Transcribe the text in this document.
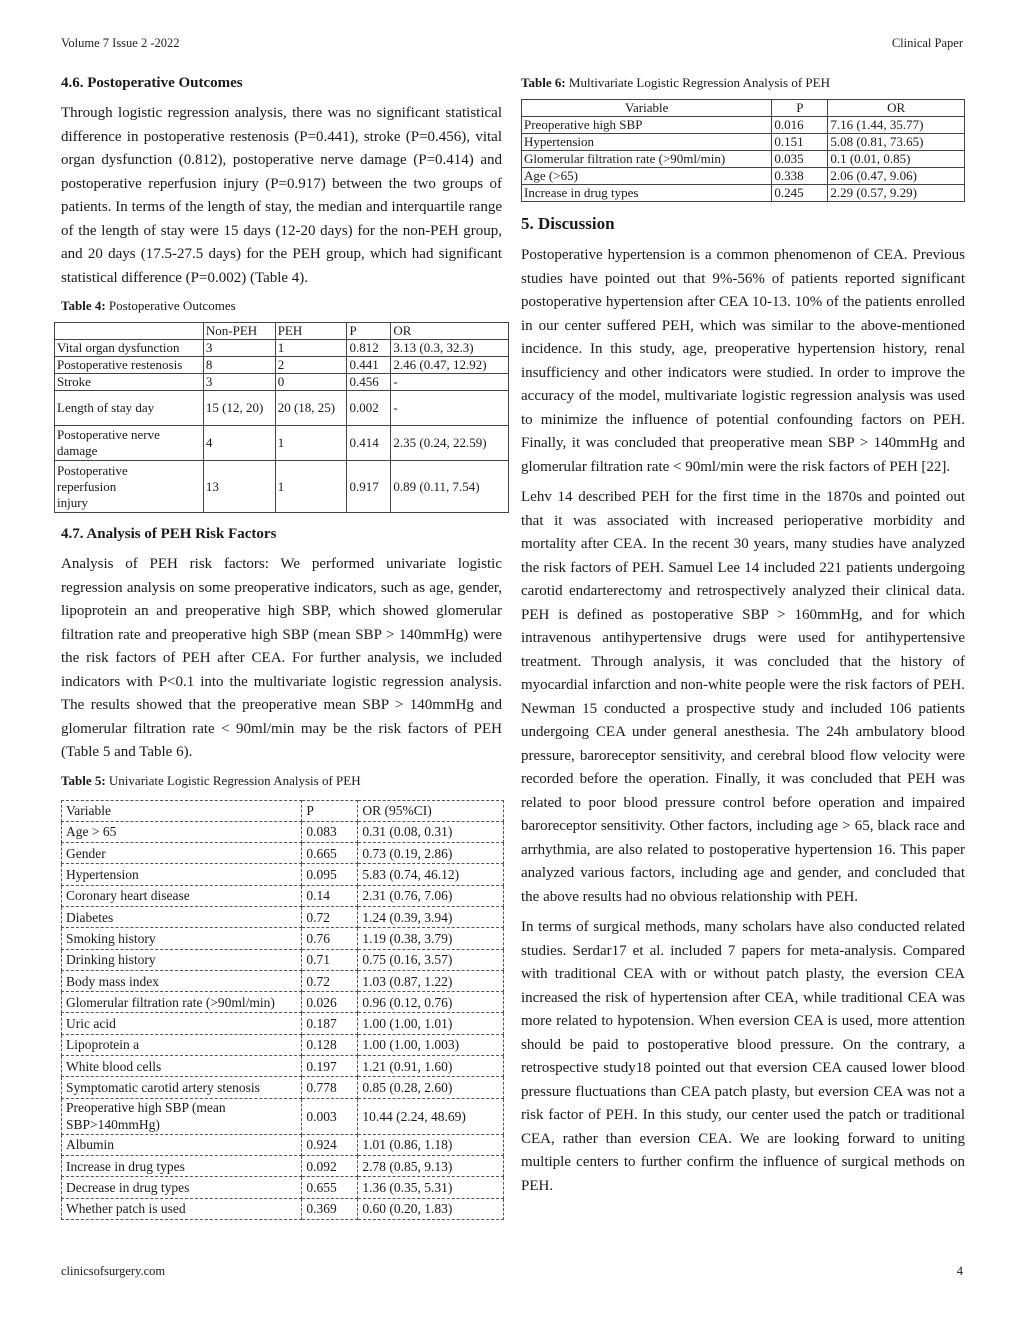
Volume 7 Issue 2 -2022	Clinical Paper
4.6. Postoperative Outcomes

Through logistic regression analysis, there was no significant statistical difference in postoperative restenosis (P=0.441), stroke (P=0.456), vital organ dysfunction (0.812), postoperative nerve damage (P=0.414) and postoperative reperfusion injury (P=0.917) between the two groups of patients. In terms of the length of stay, the median and interquartile range of the length of stay were 15 days (12-20 days) for the non-PEH group, and 20 days (17.5-27.5 days) for the PEH group, which had significant statistical difference (P=0.002) (Table 4).

Table 4: Postoperative Outcomes
	Non-PEH	PEH	P	OR
Vital organ dysfunction	3	1	0.812	3.13 (0.3, 32.3)
Postoperative restenosis	8	2	0.441	2.46 (0.47, 12.92)
Stroke	3	0	0.456	-
Length of stay day	15 (12, 20)	20 (18, 25)	0.002	-
Postoperative nerve damage	4	1	0.414	2.35 (0.24, 22.59)
Postoperative reperfusion injury	13	1	0.917	0.89 (0.11, 7.54)
4.7. Analysis of PEH Risk Factors

Analysis of PEH risk factors: We performed univariate logistic regression analysis on some preoperative indicators, such as age, gender, lipoprotein an and preoperative high SBP, which showed glomerular filtration rate and preoperative high SBP (mean SBP > 140mmHg) were the risk factors of PEH after CEA. For further analysis, we included indicators with P<0.1 into the multivariate logistic regression analysis. The results showed that the preoperative mean SBP > 140mmHg and glomerular filtration rate < 90ml/min may be the risk factors of PEH (Table 5 and Table 6).

Table 5: Univariate Logistic Regression Analysis of PEH
Variable	P	OR (95%CI)
Age > 65	0.083	0.31 (0.08, 0.31)
Gender	0.665	0.73 (0.19, 2.86)
Hypertension	0.095	5.83 (0.74, 46.12)
Coronary heart disease	0.14	2.31 (0.76, 7.06)
Diabetes	0.72	1.24 (0.39, 3.94)
Smoking history	0.76	1.19 (0.38, 3.79)
Drinking history	0.71	0.75 (0.16, 3.57)
Body mass index	0.72	1.03 (0.87, 1.22)
Glomerular filtration rate (>90ml/min)	0.026	0.96 (0.12, 0.76)
Uric acid	0.187	1.00 (1.00, 1.01)
Lipoprotein a	0.128	1.00 (1.00, 1.003)
White blood cells	0.197	1.21 (0.91, 1.60)
Symptomatic carotid artery stenosis	0.778	0.85 (0.28, 2.60)
Preoperative high SBP (mean SBP>140mmHg)	0.003	10.44 (2.24, 48.69)
Albumin	0.924	1.01 (0.86, 1.18)
Increase in drug types	0.092	2.78 (0.85, 9.13)
Decrease in drug types	0.655	1.36 (0.35, 5.31)
Whether patch is used	0.369	0.60 (0.20, 1.83)
Table 6: Multivariate Logistic Regression Analysis of PEH
Variable	P	OR
Preoperative high SBP	0.016	7.16 (1.44, 35.77)
Hypertension	0.151	5.08 (0.81, 73.65)
Glomerular filtration rate (>90ml/min)	0.035	0.1 (0.01, 0.85)
Age (>65)	0.338	2.06 (0.47, 9.06)
Increase in drug types	0.245	2.29 (0.57, 9.29)
5. Discussion

Postoperative hypertension is a common phenomenon of CEA. Previous studies have pointed out that 9%-56% of patients reported significant postoperative hypertension after CEA 10-13. 10% of the patients enrolled in our center suffered PEH, which was similar to the above-mentioned incidence. In this study, age, preoperative hypertension history, renal insufficiency and other indicators were studied. In order to improve the accuracy of the model, multivariate logistic regression analysis was used to minimize the influence of potential confounding factors on PEH. Finally, it was concluded that preoperative mean SBP > 140mmHg and glomerular filtration rate < 90ml/min were the risk factors of PEH [22].

Lehv 14 described PEH for the first time in the 1870s and pointed out that it was associated with increased perioperative morbidity and mortality after CEA. In the recent 30 years, many studies have analyzed the risk factors of PEH. Samuel Lee 14 included 221 patients undergoing carotid endarterectomy and retrospectively analyzed their clinical data. PEH is defined as postoperative SBP > 160mmHg, and for which intravenous antihypertensive drugs were used for antihypertensive treatment. Through analysis, it was concluded that the history of myocardial infarction and non-white people were the risk factors of PEH. Newman 15 conducted a prospective study and included 106 patients undergoing CEA under general anesthesia. The 24h ambulatory blood pressure, baroreceptor sensitivity, and cerebral blood flow velocity were recorded before the operation. Finally, it was concluded that PEH was related to poor blood pressure control before operation and impaired baroreceptor sensitivity. Other factors, including age > 65, black race and arrhythmia, are also related to postoperative hypertension 16. This paper analyzed various factors, including age and gender, and concluded that the above results had no obvious relationship with PEH.

In terms of surgical methods, many scholars have also conducted related studies. Serdar17 et al. included 7 papers for meta-analysis. Compared with traditional CEA with or without patch plasty, the eversion CEA increased the risk of hypertension after CEA, while traditional CEA was more related to hypotension. When eversion CEA is used, more attention should be paid to postoperative blood pressure. On the contrary, a retrospective study18 pointed out that eversion CEA caused lower blood pressure fluctuations than CEA patch plasty, but eversion CEA was not a risk factor of PEH. In this study, our center used the patch or traditional CEA, rather than eversion CEA. We are looking forward to uniting multiple centers to further confirm the influence of surgical methods on PEH.

clinicsofsurgery.com	4
